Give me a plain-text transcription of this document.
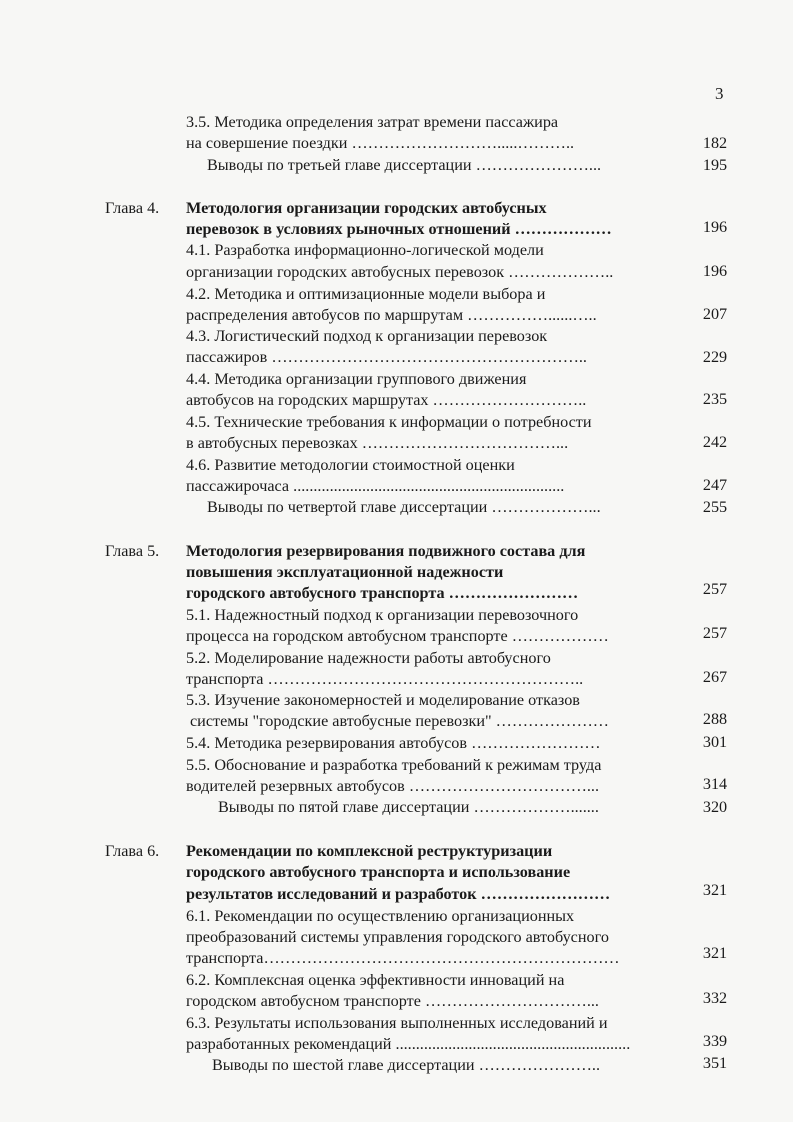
3
3.5. Методика определения затрат времени пассажира
на совершение поездки ……………………….....………..	182
Выводы по третьей главе диссертации …………………...	195
Глава 4. Методология организации городских автобусных
перевозок в условиях рыночных отношений ………………	196
4.1. Разработка информационно-логической модели
организации городских автобусных перевозок ………………..	196
4.2. Методика и оптимизационные модели выбора и
распределения автобусов по маршрутам ……………......…..	207
4.3. Логистический подход к организации перевозок
пассажиров …………………………………………………..	229
4.4. Методика организации группового движения
автобусов на городских маршрутах ………………………..	235
4.5. Технические требования к информации о потребности
в автобусных перевозках ………………………………...	242
4.6. Развитие методологии стоимостной оценки
пассажирочаса ...................................................................	247
Выводы по четвертой главе диссертации ………………...	255
Глава 5. Методология резервирования подвижного состава для
повышения эксплуатационной надежности
городского автобусного транспорта ……………………	257
5.1. Надежностный подход к организации перевозочного
процесса на городском автобусном транспорте ………………	257
5.2. Моделирование надежности работы автобусного
транспорта …………………………………………………..	267
5.3. Изучение закономерностей и моделирование отказов
системы "городские автобусные перевозки" …………………	288
5.4. Методика резервирования автобусов ……………………	301
5.5. Обоснование и разработка требований к режимам труда
водителей резервных автобусов ……………………………...	314
Выводы по пятой главе диссертации ……………….......	320
Глава 6. Рекомендации по комплексной реструктуризации
городского автобусного транспорта и использование
результатов исследований и разработок ……………………	321
6.1. Рекомендации по осуществлению организационных
преобразований системы управления городского автобусного
транспорта…………………………………………………………	321
6.2. Комплексная оценка эффективности инноваций на
городском автобусном транспорте …………………………...	332
6.3. Результаты использования выполненных исследований и
разработанных рекомендаций ..........................................................	339
Выводы по шестой главе диссертации …………………..	351
